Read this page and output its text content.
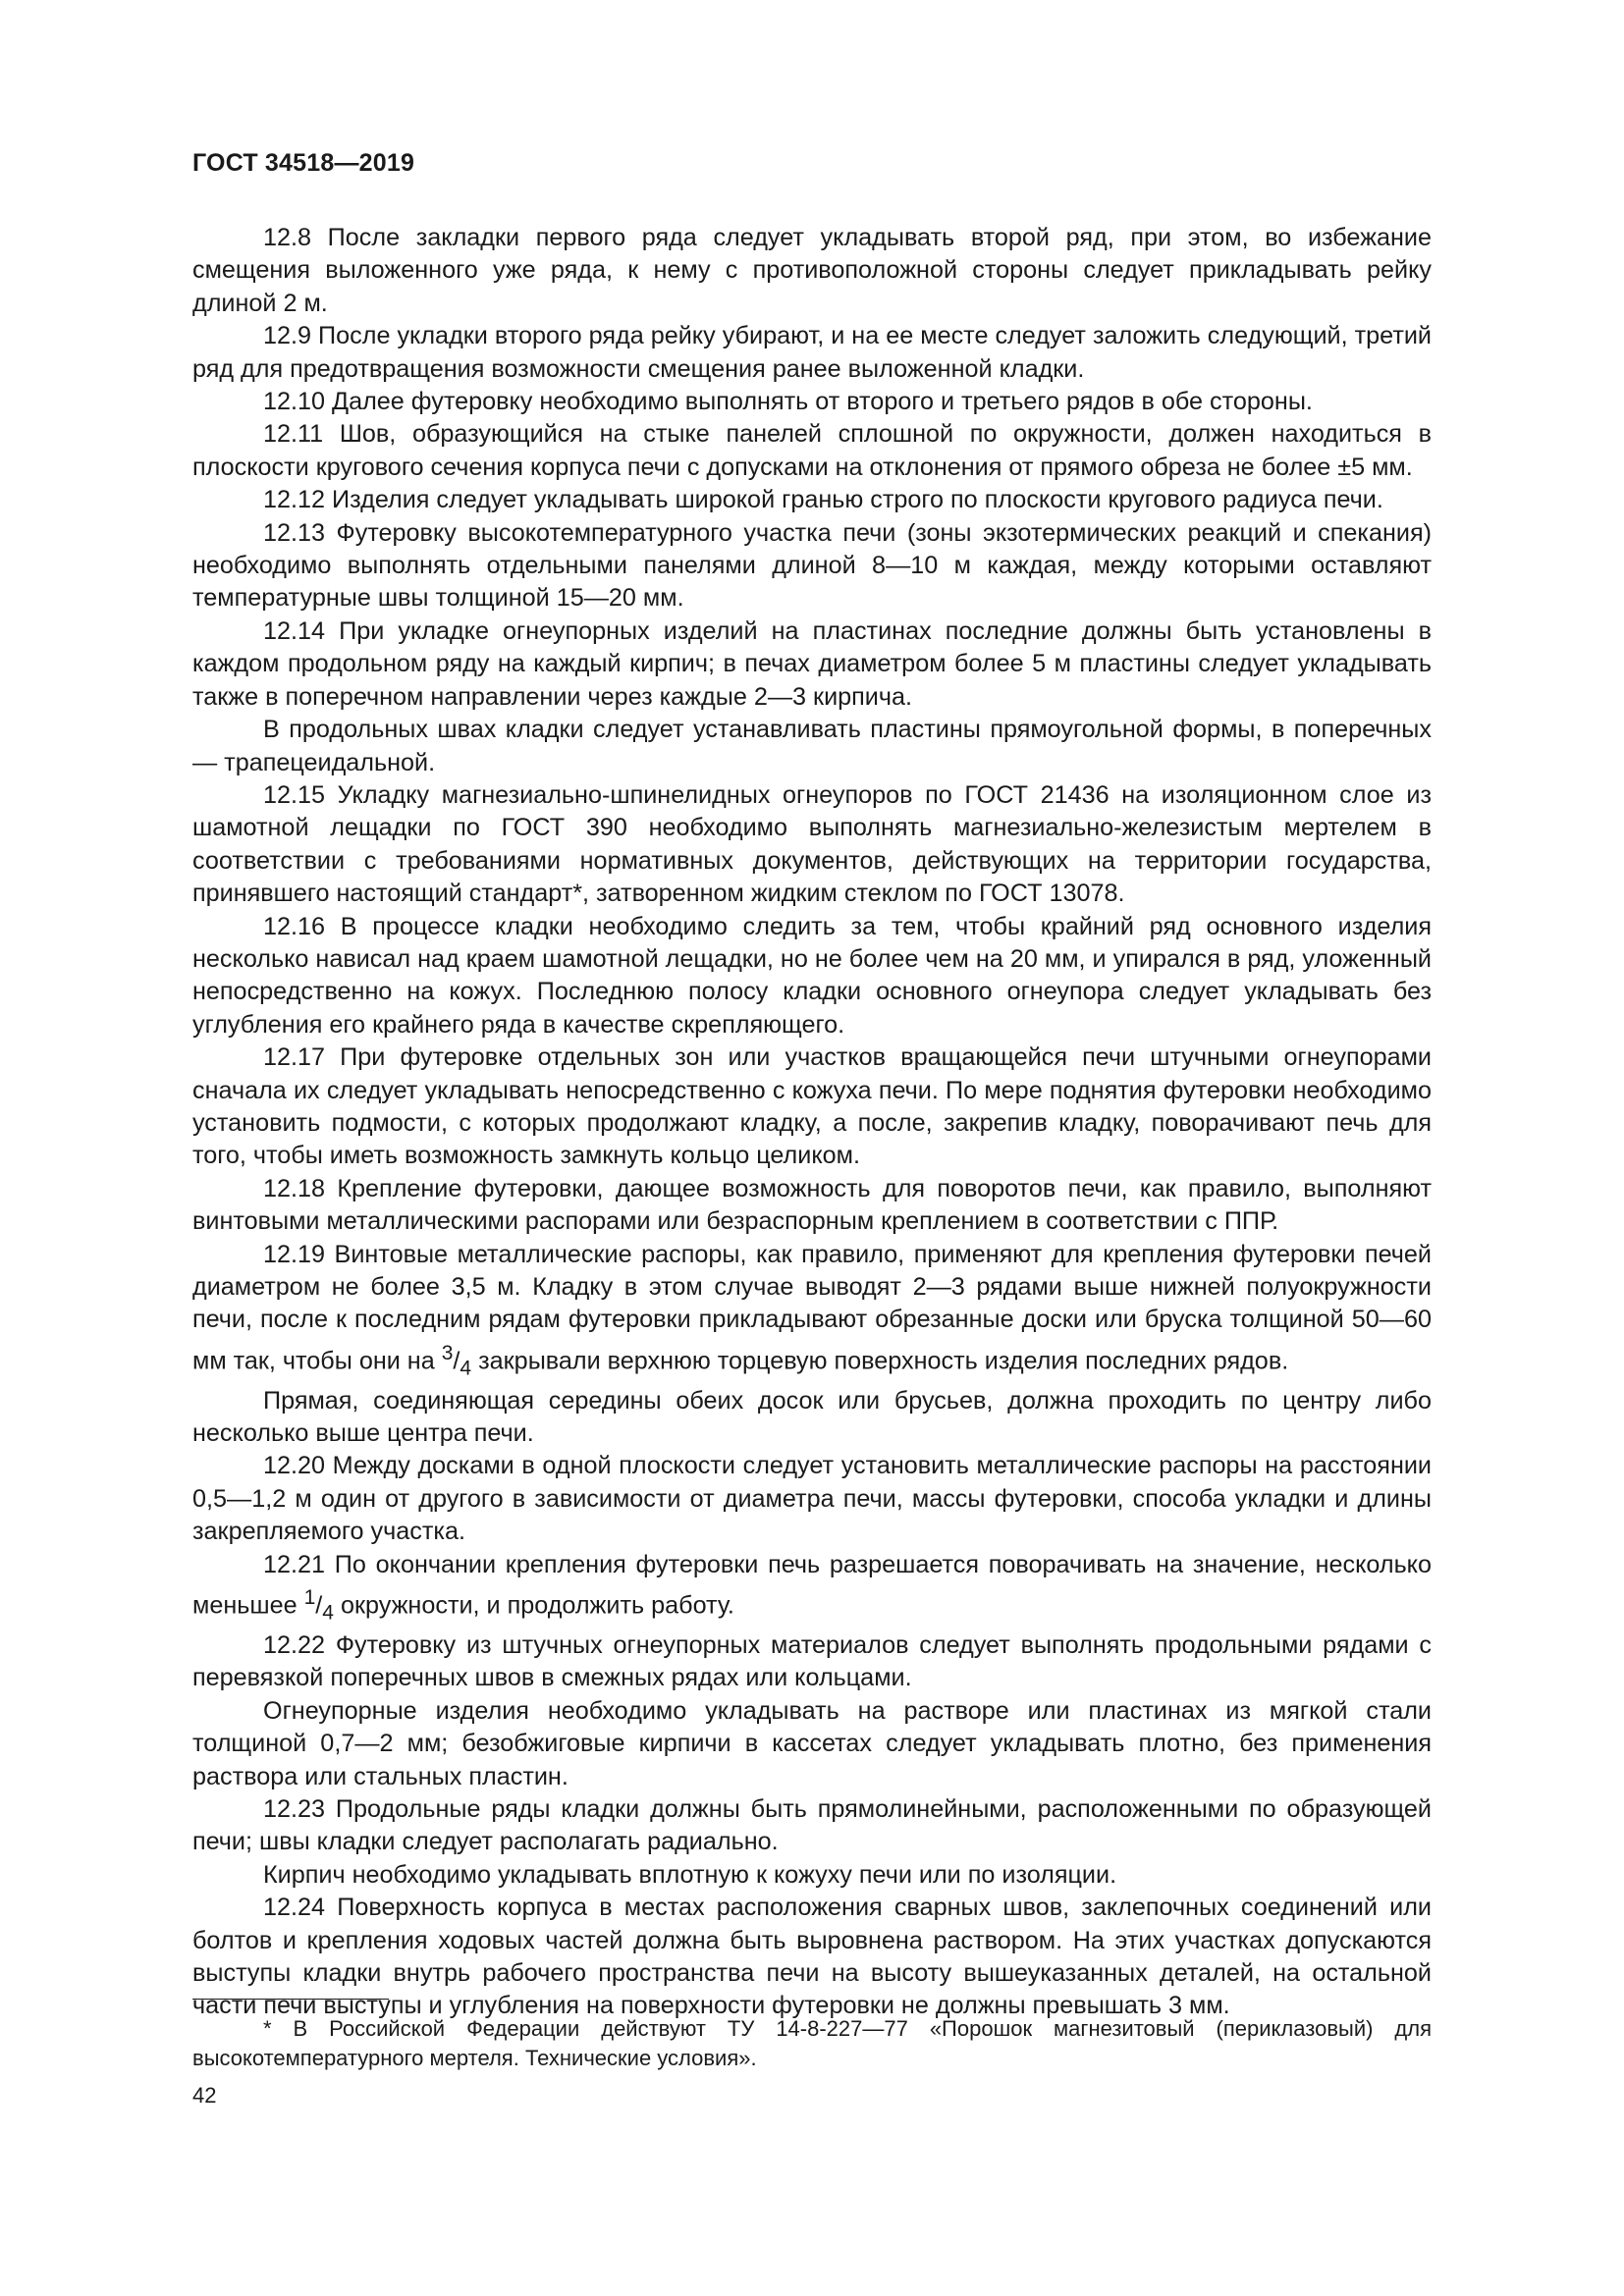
ГОСТ 34518—2019

12.8 После закладки первого ряда следует укладывать второй ряд, при этом, во избежание смещения выложенного уже ряда, к нему с противоположной стороны следует прикладывать рейку длиной 2 м.

12.9 После укладки второго ряда рейку убирают, и на ее месте следует заложить следующий, третий ряд для предотвращения возможности смещения ранее выложенной кладки.

12.10 Далее футеровку необходимо выполнять от второго и третьего рядов в обе стороны.

12.11 Шов, образующийся на стыке панелей сплошной по окружности, должен находиться в плоскости кругового сечения корпуса печи с допусками на отклонения от прямого обреза не более ±5 мм.

12.12 Изделия следует укладывать широкой гранью строго по плоскости кругового радиуса печи.

12.13 Футеровку высокотемпературного участка печи (зоны экзотермических реакций и спекания) необходимо выполнять отдельными панелями длиной 8—10 м каждая, между которыми оставляют температурные швы толщиной 15—20 мм.

12.14 При укладке огнеупорных изделий на пластинах последние должны быть установлены в каждом продольном ряду на каждый кирпич; в печах диаметром более 5 м пластины следует укладывать также в поперечном направлении через каждые 2—3 кирпича.

В продольных швах кладки следует устанавливать пластины прямоугольной формы, в поперечных — трапецеидальной.

12.15 Укладку магнезиально-шпинелидных огнеупоров по ГОСТ 21436 на изоляционном слое из шамотной лещадки по ГОСТ 390 необходимо выполнять магнезиально-железистым мертелем в соответствии с требованиями нормативных документов, действующих на территории государства, принявшего настоящий стандарт*, затворенном жидким стеклом по ГОСТ 13078.

12.16 В процессе кладки необходимо следить за тем, чтобы крайний ряд основного изделия несколько нависал над краем шамотной лещадки, но не более чем на 20 мм, и упирался в ряд, уложенный непосредственно на кожух. Последнюю полосу кладки основного огнеупора следует укладывать без углубления его крайнего ряда в качестве скрепляющего.

12.17 При футеровке отдельных зон или участков вращающейся печи штучными огнеупорами сначала их следует укладывать непосредственно с кожуха печи. По мере поднятия футеровки необходимо установить подмости, с которых продолжают кладку, а после, закрепив кладку, поворачивают печь для того, чтобы иметь возможность замкнуть кольцо целиком.

12.18 Крепление футеровки, дающее возможность для поворотов печи, как правило, выполняют винтовыми металлическими распорами или безраспорным креплением в соответствии с ППР.

12.19 Винтовые металлические распоры, как правило, применяют для крепления футеровки печей диаметром не более 3,5 м. Кладку в этом случае выводят 2—3 рядами выше нижней полуокружности печи, после к последним рядам футеровки прикладывают обрезанные доски или бруска толщиной 50—60 мм так, чтобы они на $^3/_4$ закрывали верхнюю торцевую поверхность изделия последних рядов.

Прямая, соединяющая середины обеих досок или брусьев, должна проходить по центру либо несколько выше центра печи.

12.20 Между досками в одной плоскости следует установить металлические распоры на расстоянии 0,5—1,2 м один от другого в зависимости от диаметра печи, массы футеровки, способа укладки и длины закрепляемого участка.

12.21 По окончании крепления футеровки печь разрешается поворачивать на значение, несколько меньшее $^1/_4$ окружности, и продолжить работу.

12.22 Футеровку из штучных огнеупорных материалов следует выполнять продольными рядами с перевязкой поперечных швов в смежных рядах или кольцами.

Огнеупорные изделия необходимо укладывать на растворе или пластинах из мягкой стали толщиной 0,7—2 мм; безобжиговые кирпичи в кассетах следует укладывать плотно, без применения раствора или стальных пластин.

12.23 Продольные ряды кладки должны быть прямолинейными, расположенными по образующей печи; швы кладки следует располагать радиально.

Кирпич необходимо укладывать вплотную к кожуху печи или по изоляции.

12.24 Поверхность корпуса в местах расположения сварных швов, заклепочных соединений или болтов и крепления ходовых частей должна быть выровнена раствором. На этих участках допускаются выступы кладки внутрь рабочего пространства печи на высоту вышеуказанных деталей, на остальной части печи выступы и углубления на поверхности футеровки не должны превышать 3 мм.

* В Российской Федерации действуют ТУ 14-8-227—77 «Порошок магнезитовый (периклазовый) для высокотемпературного мертеля. Технические условия».

42
